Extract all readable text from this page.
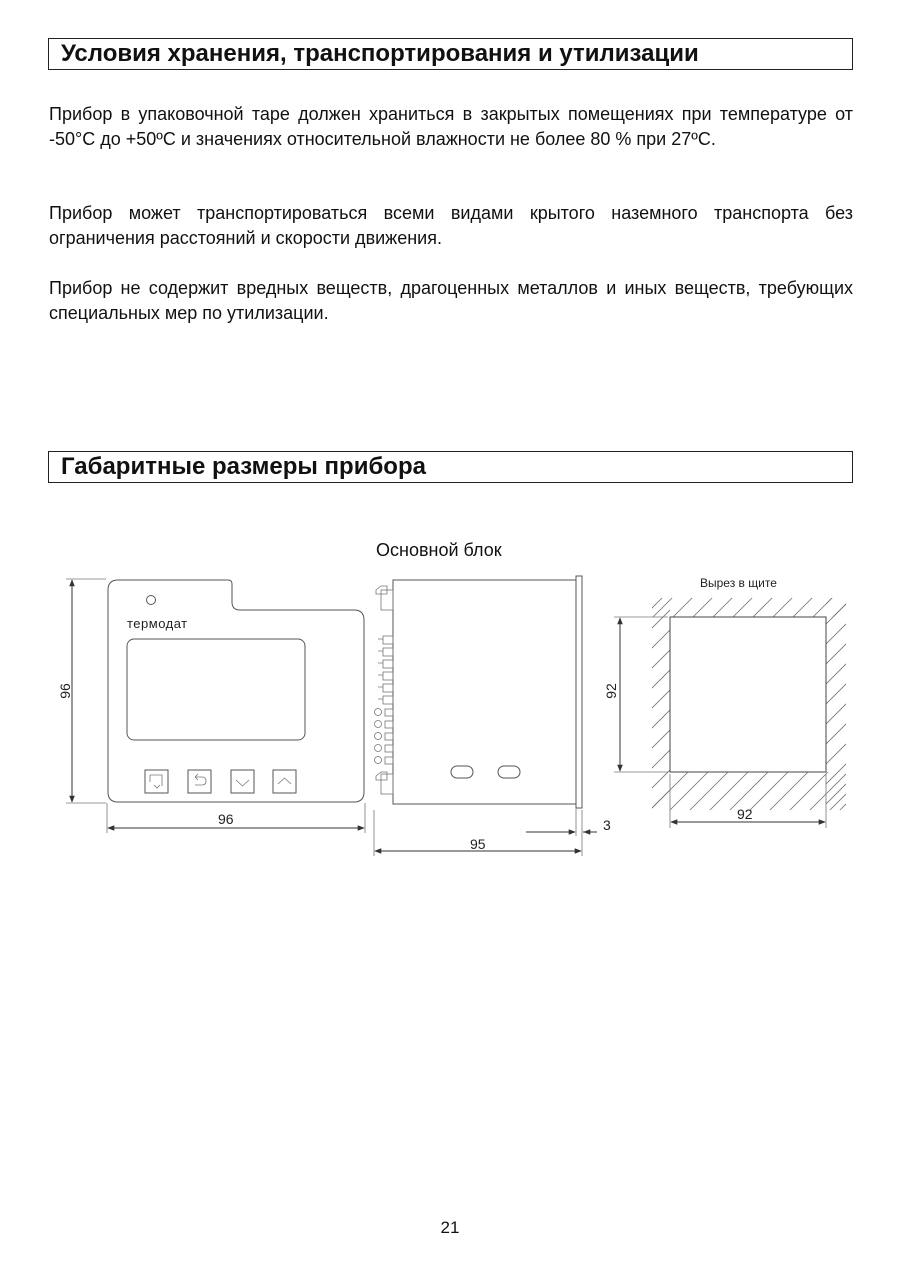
Условия хранения, транспортирования и утилизации

Прибор в упаковочной таре должен храниться в закрытых помещениях при температуре от -50°С до +50ºС и значениях относительной влажности не более 80 % при 27ºС.

Прибор может транспортироваться всеми видами крытого наземного транспорта без ограничения расстояний и скорости движения.

Прибор не содержит вредных веществ, драгоценных металлов и иных веществ, требующих специальных мер по утилизации.

Габаритные размеры прибора
Основной блок
термодат
96
96
95
3
Вырез в щите
92
92
21
